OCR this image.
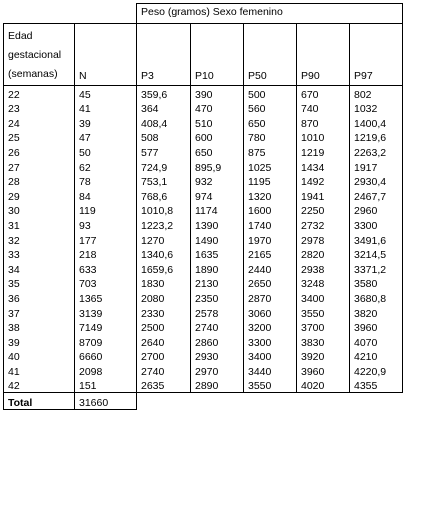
		Peso (gramos) Sexo femenino				

Edad
gestacional
(semanas)	N	P3	P10	P50	P90	P97
22	45	359,6	390	500	670	802
23	41	364	470	560	740	1032
24	39	408,4	510	650	870	1400,4
25	47	508	600	780	1010	1219,6
26	50	577	650	875	1219	2263,2
27	62	724,9	895,9	1025	1434	1917
28	78	753,1	932	1195	1492	2930,4
29	84	768,6	974	1320	1941	2467,7
30	119	1010,8	1174	1600	2250	2960
31	93	1223,2	1390	1740	2732	3300
32	177	1270	1490	1970	2978	3491,6
33	218	1340,6	1635	2165	2820	3214,5
34	633	1659,6	1890	2440	2938	3371,2
35	703	1830	2130	2650	3248	3580
36	1365	2080	2350	2870	3400	3680,8
37	3139	2330	2578	3060	3550	3820
38	7149	2500	2740	3200	3700	3960
39	8709	2640	2860	3300	3830	4070
40	6660	2700	2930	3400	3920	4210
41	2098	2740	2970	3440	3960	4220,9
42	151	2635	2890	3550	4020	4355
Total	31660					
